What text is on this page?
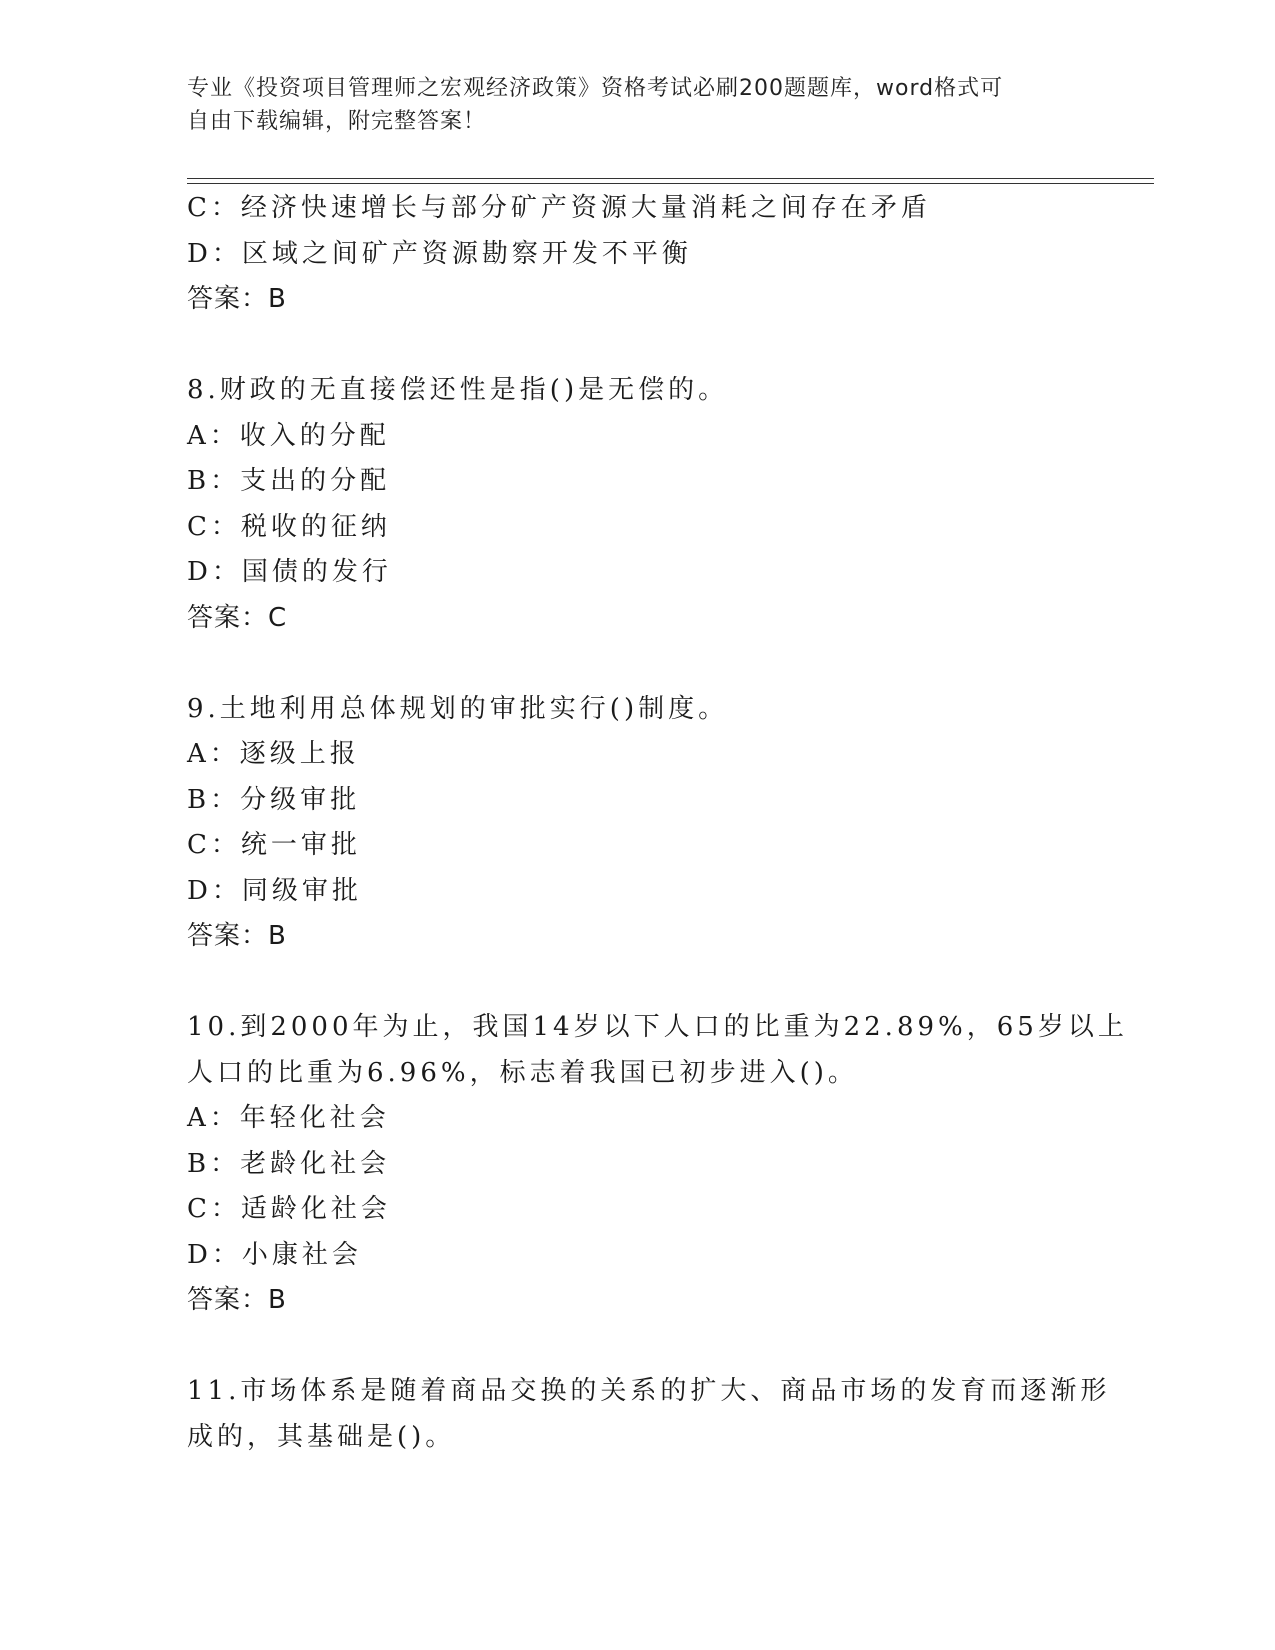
专业《投资项目管理师之宏观经济政策》资格考试必刷200题题库，word格式可
自由下载编辑，附完整答案！
C：经济快速增长与部分矿产资源大量消耗之间存在矛盾
D：区域之间矿产资源勘察开发不平衡
答案：B
8.财政的无直接偿还性是指()是无偿的。
A：收入的分配
B：支出的分配
C：税收的征纳
D：国债的发行
答案：C
9.土地利用总体规划的审批实行()制度。
A：逐级上报
B：分级审批
C：统一审批
D：同级审批
答案：B
10.到2000年为止，我国14岁以下人口的比重为22.89%，65岁以上
人口的比重为6.96%，标志着我国已初步进入()。
A：年轻化社会
B：老龄化社会
C：适龄化社会
D：小康社会
答案：B
11.市场体系是随着商品交换的关系的扩大、商品市场的发育而逐渐形
成的，其基础是()。
